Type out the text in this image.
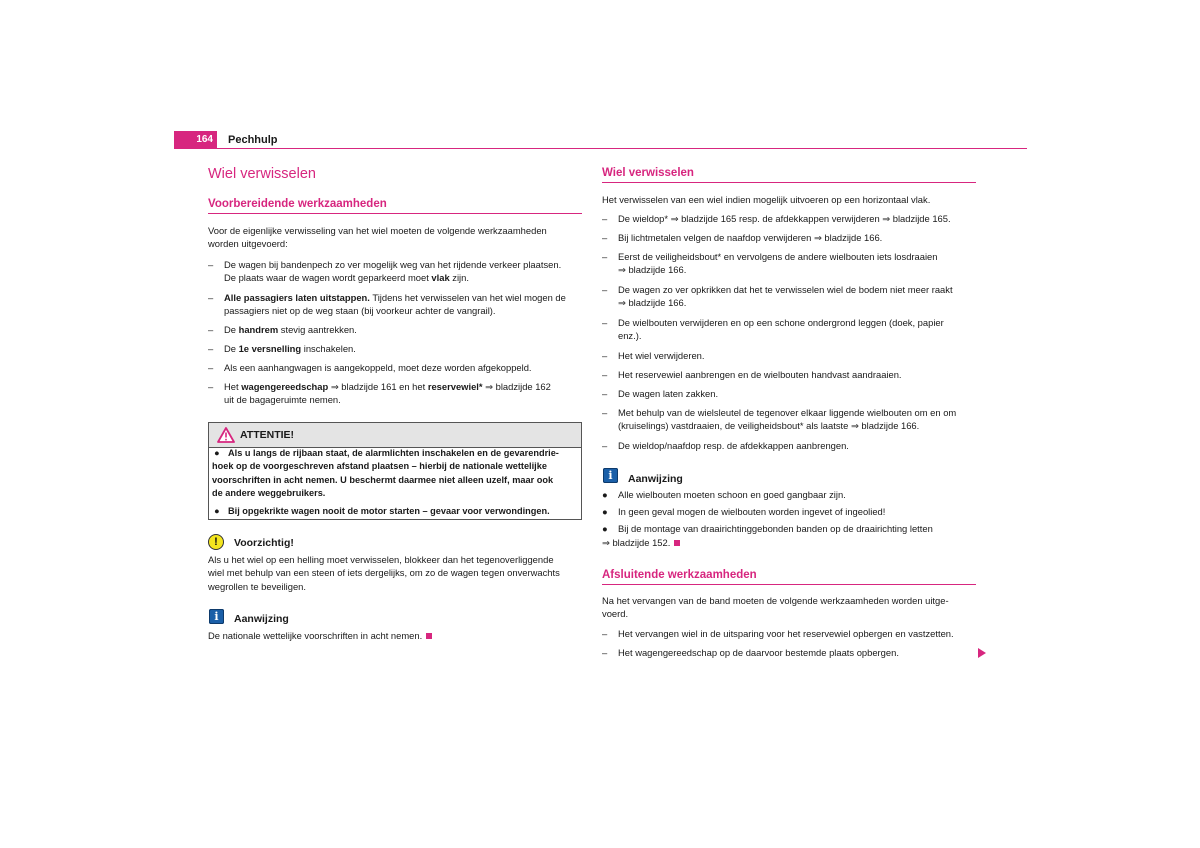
164	Pechhulp
Wiel verwisselen
Voorbereidende werkzaamheden
Voor de eigenlijke verwisseling van het wiel moeten de volgende werkzaamheden
worden uitgevoerd:
– De wagen bij bandenpech zo ver mogelijk weg van het rijdende verkeer plaatsen.
De plaats waar de wagen wordt geparkeerd moet vlak zijn.
– Alle passagiers laten uitstappen. Tijdens het verwisselen van het wiel mogen de
passagiers niet op de weg staan (bij voorkeur achter de vangrail).
– De handrem stevig aantrekken.
– De 1e versnelling inschakelen.
– Als een aanhangwagen is aangekoppeld, moet deze worden afgekoppeld.
– Het wagengereedschap ⇒ bladzijde 161 en het reservewiel* ⇒ bladzijde 162
uit de bagageruimte nemen.
ATTENTIE!
● Als u langs de rijbaan staat, de alarmlichten inschakelen en de gevarendrie-
hoek op de voorgeschreven afstand plaatsen – hierbij de nationale wettelijke
voorschriften in acht nemen. U beschermt daarmee niet alleen uzelf, maar ook
de andere weggebruikers.
● Bij opgekrikte wagen nooit de motor starten – gevaar voor verwondingen.
!
Voorzichtig!
Als u het wiel op een helling moet verwisselen, blokkeer dan het tegenoverliggende
wiel met behulp van een steen of iets dergelijks, om zo de wagen tegen onverwachts
wegrollen te beveiligen.
i
Aanwijzing
De nationale wettelijke voorschriften in acht nemen.
Wiel verwisselen
Het verwisselen van een wiel indien mogelijk uitvoeren op een horizontaal vlak.
– De wieldop* ⇒ bladzijde 165 resp. de afdekkappen verwijderen ⇒ bladzijde 165.
– Bij lichtmetalen velgen de naafdop verwijderen ⇒ bladzijde 166.
– Eerst de veiligheidsbout* en vervolgens de andere wielbouten iets losdraaien
⇒ bladzijde 166.
– De wagen zo ver opkrikken dat het te verwisselen wiel de bodem niet meer raakt
⇒ bladzijde 166.
– De wielbouten verwijderen en op een schone ondergrond leggen (doek, papier
enz.).
– Het wiel verwijderen.
– Het reservewiel aanbrengen en de wielbouten handvast aandraaien.
– De wagen laten zakken.
– Met behulp van de wielsleutel de tegenover elkaar liggende wielbouten om en om
(kruiselings) vastdraaien, de veiligheidsbout* als laatste ⇒ bladzijde 166.
– De wieldop/naafdop resp. de afdekkappen aanbrengen.
i
Aanwijzing
● Alle wielbouten moeten schoon en goed gangbaar zijn.
● In geen geval mogen de wielbouten worden ingevet of ingeolied!
● Bij de montage van draairichtinggebonden banden op de draairichting letten
⇒ bladzijde 152.
Afsluitende werkzaamheden
Na het vervangen van de band moeten de volgende werkzaamheden worden uitge-
voerd.
– Het vervangen wiel in de uitsparing voor het reservewiel opbergen en vastzetten.
– Het wagengereedschap op de daarvoor bestemde plaats opbergen.
